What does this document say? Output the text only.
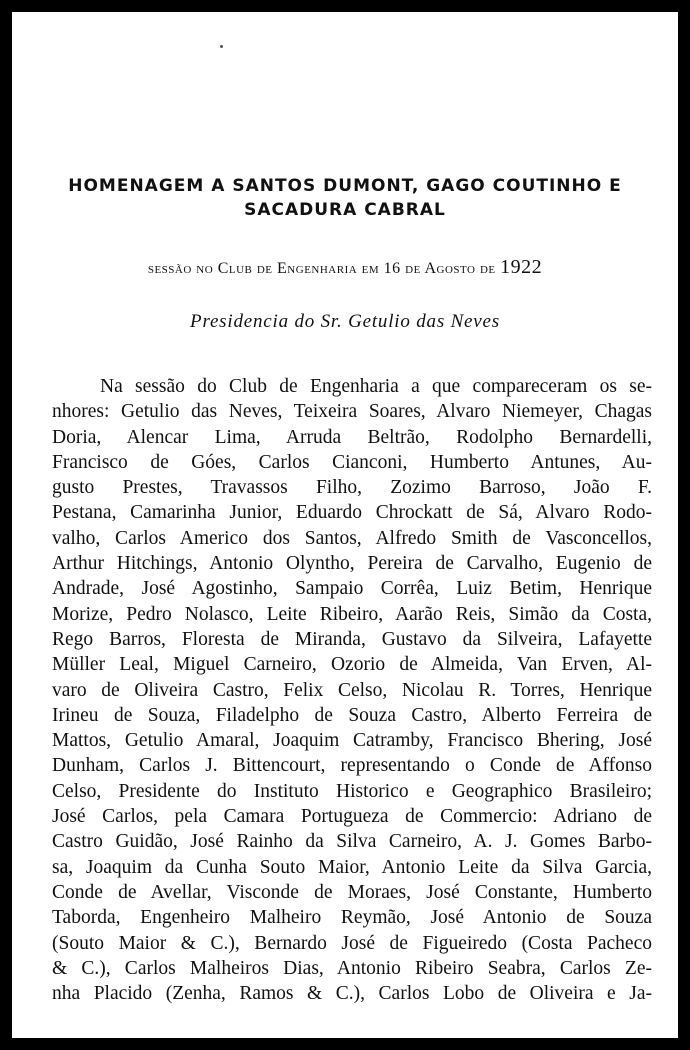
HOMENAGEM A SANTOS DUMONT, GAGO COUTINHO E
SACADURA CABRAL
sessão no Club de Engenharia em 16 de Agosto de 1922
Presidencia do Sr. Getulio das Neves
Na sessão do Club de Engenharia a que compareceram os se-
nhores: Getulio das Neves, Teixeira Soares, Alvaro Niemeyer, Chagas
Doria, Alencar Lima, Arruda Beltrão, Rodolpho Bernardelli,
Francisco de Góes, Carlos Cianconi, Humberto Antunes, Au-
gusto Prestes, Travassos Filho, Zozimo Barroso, João F.
Pestana, Camarinha Junior, Eduardo Chrockatt de Sá, Alvaro Rodo-
valho, Carlos Americo dos Santos, Alfredo Smith de Vasconcellos,
Arthur Hitchings, Antonio Olyntho, Pereira de Carvalho, Eugenio de
Andrade, José Agostinho, Sampaio Corrêa, Luiz Betim, Henrique
Morize, Pedro Nolasco, Leite Ribeiro, Aarão Reis, Simão da Costa,
Rego Barros, Floresta de Miranda, Gustavo da Silveira, Lafayette
Müller Leal, Miguel Carneiro, Ozorio de Almeida, Van Erven, Al-
varo de Oliveira Castro, Felix Celso, Nicolau R. Torres, Henrique
Irineu de Souza, Filadelpho de Souza Castro, Alberto Ferreira de
Mattos, Getulio Amaral, Joaquim Catramby, Francisco Bhering, José
Dunham, Carlos J. Bittencourt, representando o Conde de Affonso
Celso, Presidente do Instituto Historico e Geographico Brasileiro;
José Carlos, pela Camara Portugueza de Commercio: Adriano de
Castro Guidão, José Rainho da Silva Carneiro, A. J. Gomes Barbo-
sa, Joaquim da Cunha Souto Maior, Antonio Leite da Silva Garcia,
Conde de Avellar, Visconde de Moraes, José Constante, Humberto
Taborda, Engenheiro Malheiro Reymão, José Antonio de Souza
(Souto Maior & C.), Bernardo José de Figueiredo (Costa Pacheco
& C.), Carlos Malheiros Dias, Antonio Ribeiro Seabra, Carlos Ze-
nha Placido (Zenha, Ramos & C.), Carlos Lobo de Oliveira e Ja-
